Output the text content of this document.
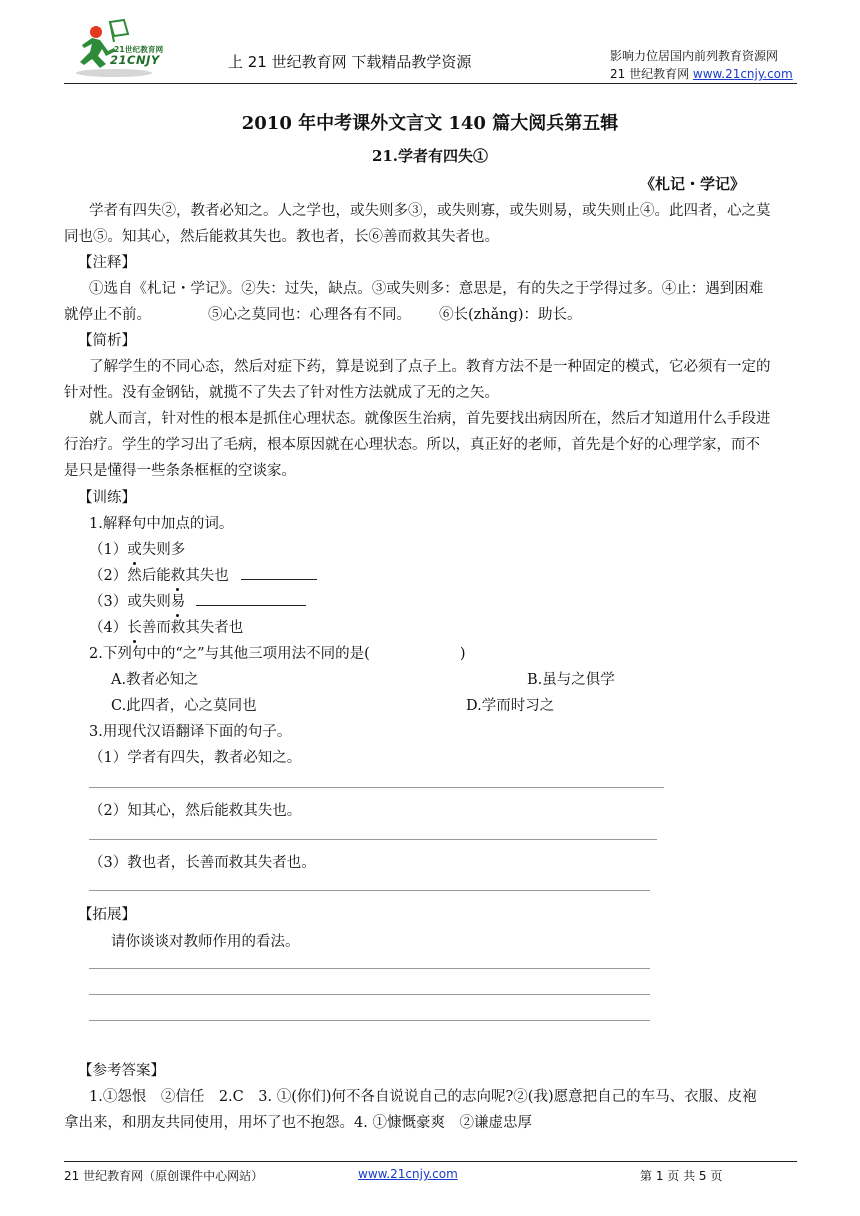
21世纪教育网
21CNJY	上 21 世纪教育网 下载精品教学资源	影响力位居国内前列教育资源网
21 世纪教育网 www.21cnjy.com
2010 年中考课外文言文 140 篇大阅兵第五辑
21.学者有四失①
《札记・学记》
学者有四失②，教者必知之。人之学也，或失则多③，或失则寡，或失则易，或失则止④。此四者，心之莫
同也⑤。知其心，然后能救其失也。教也者，长⑥善而救其失者也。
【注释】
①选自《札记・学记》。②失：过失，缺点。③或失则多：意思是，有的失之于学得过多。④止：遇到困难
就停止不前。	⑤心之莫同也：心理各有不同。 ⑥长(zhǎng)：助长。
【简析】
了解学生的不同心态，然后对症下药，算是说到了点子上。教育方法不是一种固定的模式，它必须有一定的
针对性。没有金钢钻，就揽不了失去了针对性方法就成了无的之矢。
就人而言，针对性的根本是抓住心理状态。就像医生治病，首先要找出病因所在，然后才知道用什么手段进
行治疗。学生的学习出了毛病，根本原因就在心理状态。所以，真正好的老师，首先是个好的心理学家，而不
是只是懂得一些条条框框的空谈家。
【训练】
1.解释句中加点的词。
（1）或失则多
（2）然后能救其失也
（3）或失则易
（4）长善而救其失者也
2.下列句中的“之”与其他三项用法不同的是(	)
A.教者必知之	B.虽与之俱学
C.此四者，心之莫同也	D.学而时习之
3.用现代汉语翻译下面的句子。
（1）学者有四失，教者必知之。
（2）知其心，然后能救其失也。
（3）教也者，长善而救其失者也。
【拓展】
请你谈谈对教师作用的看法。
【参考答案】
1.①怨恨　②信任　2.C　3. ①(你们)何不各自说说自己的志向呢?②(我)愿意把自己的车马、衣服、皮袍
拿出来，和朋友共同使用，用坏了也不抱怨。4. ①慷慨豪爽　②谦虚忠厚
21 世纪教育网（原创课件中心网站）	www.21cnjy.com	第 1 页 共 5 页
